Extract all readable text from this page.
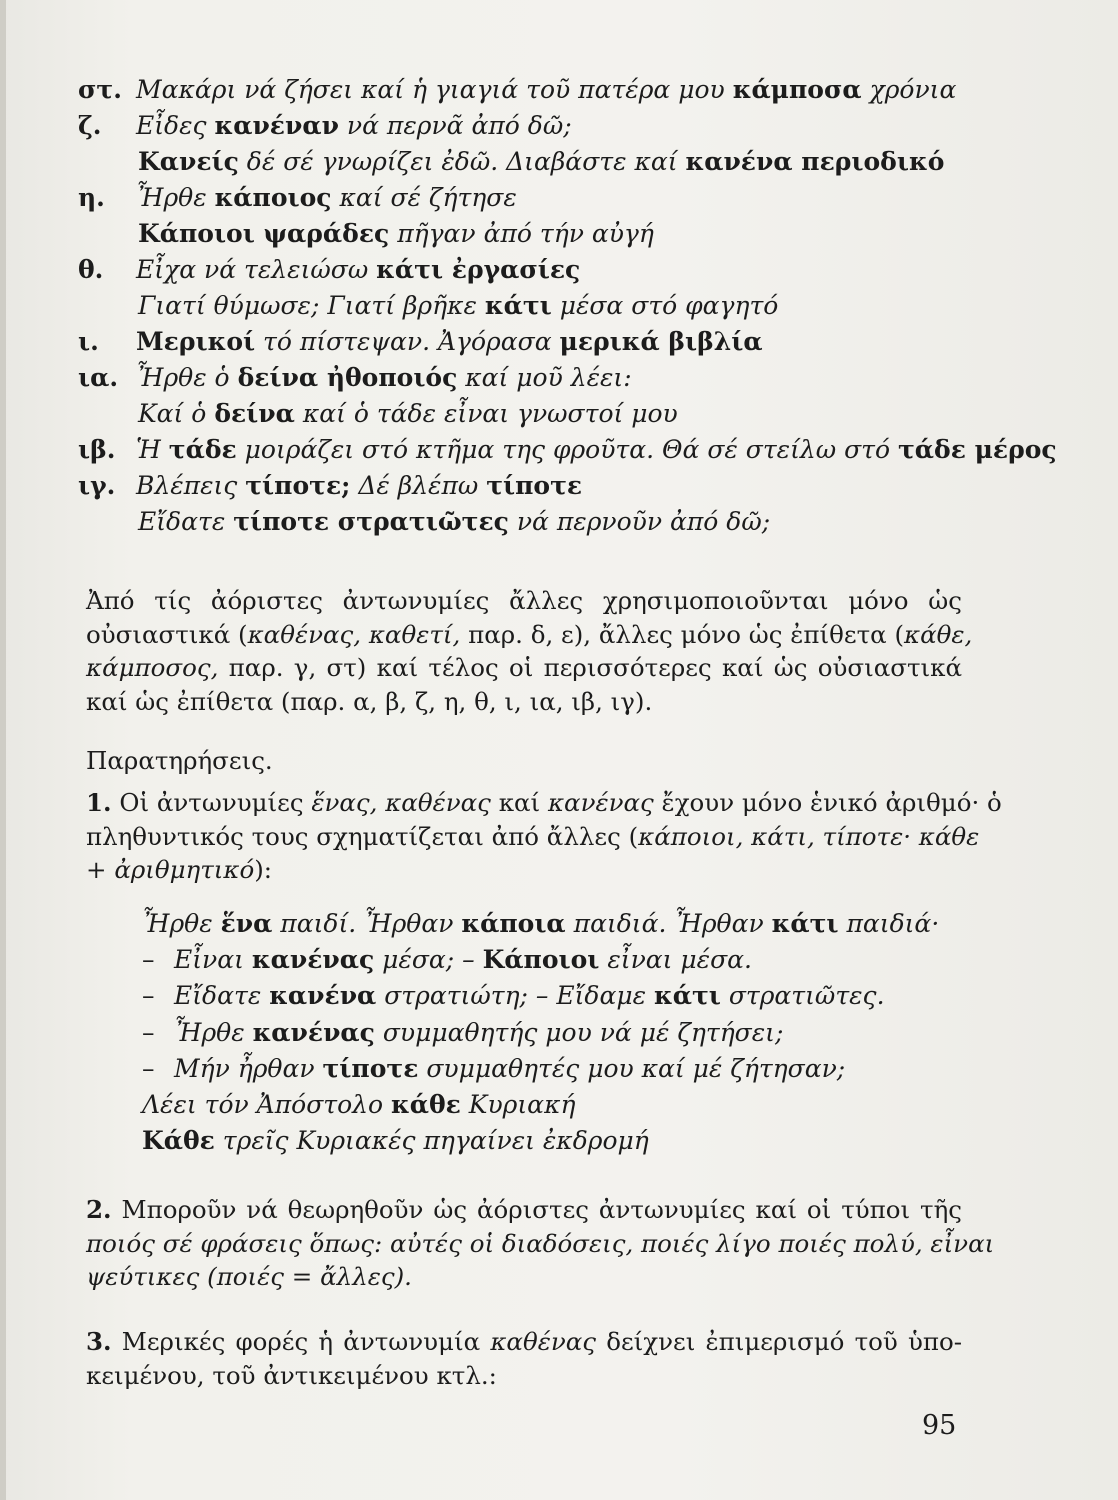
στ. Μακάρι νά ζήσει καί ἡ γιαγιά τοῦ πατέρα μου κάμποσα χρόνια
ζ.	Εἶδες κανέναν νά περνᾶ ἀπό δῶ;
Κανείς δέ σέ γνωρίζει ἐδῶ. Διαβάστε καί κανένα περιοδικό
η.	Ἦρθε κάποιος καί σέ ζήτησε
Κάποιοι ψαράδες πῆγαν ἀπό τήν αὐγή
θ.	Εἶχα νά τελειώσω κάτι ἐργασίες
Γιατί θύμωσε; Γιατί βρῆκε κάτι μέσα στό φαγητό
ι.	Μερικοί τό πίστεψαν. Ἀγόρασα μερικά βιβλία
ια. Ἦρθε ὁ δείνα ἠθοποιός καί μοῦ λέει:
Καί ὁ δείνα καί ὁ τάδε εἶναι γνωστοί μου
ιβ. Ἡ τάδε μοιράζει στό κτῆμα της φροῦτα. Θά σέ στείλω στό τάδε μέρος
ιγ. Βλέπεις τίποτε; Δέ βλέπω τίποτε
Εἴδατε τίποτε στρατιῶτες νά περνοῦν ἀπό δῶ;
Ἀπό τίς ἀόριστες ἀντωνυμίες ἄλλες χρησιμοποιοῦνται μόνο ὡς
οὐσιαστικά (καθένας, καθετί, παρ. δ, ε), ἄλλες μόνο ὡς ἐπίθετα (κάθε,
κάμποσος, παρ. γ, στ) καί τέλος οἱ περισσότερες καί ὡς οὐσιαστικά
καί ὡς ἐπίθετα (παρ. α, β, ζ, η, θ, ι, ια, ιβ, ιγ).
Παρατηρήσεις.
1. Οἱ ἀντωνυμίες ἕνας, καθένας καί κανένας ἔχουν μόνο ἑνικό ἀριθμό· ὁ
πληθυντικός τους σχηματίζεται ἀπό ἄλλες (κάποιοι, κάτι, τίποτε· κάθε
+ ἀριθμητικό):
Ἦρθε ἕνα παιδί. Ἦρθαν κάποια παιδιά. Ἦρθαν κάτι παιδιά·
– Εἶναι κανένας μέσα; – Κάποιοι εἶναι μέσα.
– Εἴδατε κανένα στρατιώτη; – Εἴδαμε κάτι στρατιῶτες.
– Ἦρθε κανένας συμμαθητής μου νά μέ ζητήσει;
– Μήν ἦρθαν τίποτε συμμαθητές μου καί μέ ζήτησαν;
Λέει τόν Ἀπόστολο κάθε Κυριακή
Κάθε τρεῖς Κυριακές πηγαίνει ἐκδρομή
2. Μποροῦν νά θεωρηθοῦν ὡς ἀόριστες ἀντωνυμίες καί οἱ τύποι τῆς
ποιός σέ φράσεις ὅπως: αὐτές οἱ διαδόσεις, ποιές λίγο ποιές πολύ, εἶναι
ψεύτικες (ποιές = ἄλλες).
3. Μερικές φορές ἡ ἀντωνυμία καθένας δείχνει ἐπιμερισμό τοῦ ὑπο-
κειμένου, τοῦ ἀντικειμένου κτλ.:
95
